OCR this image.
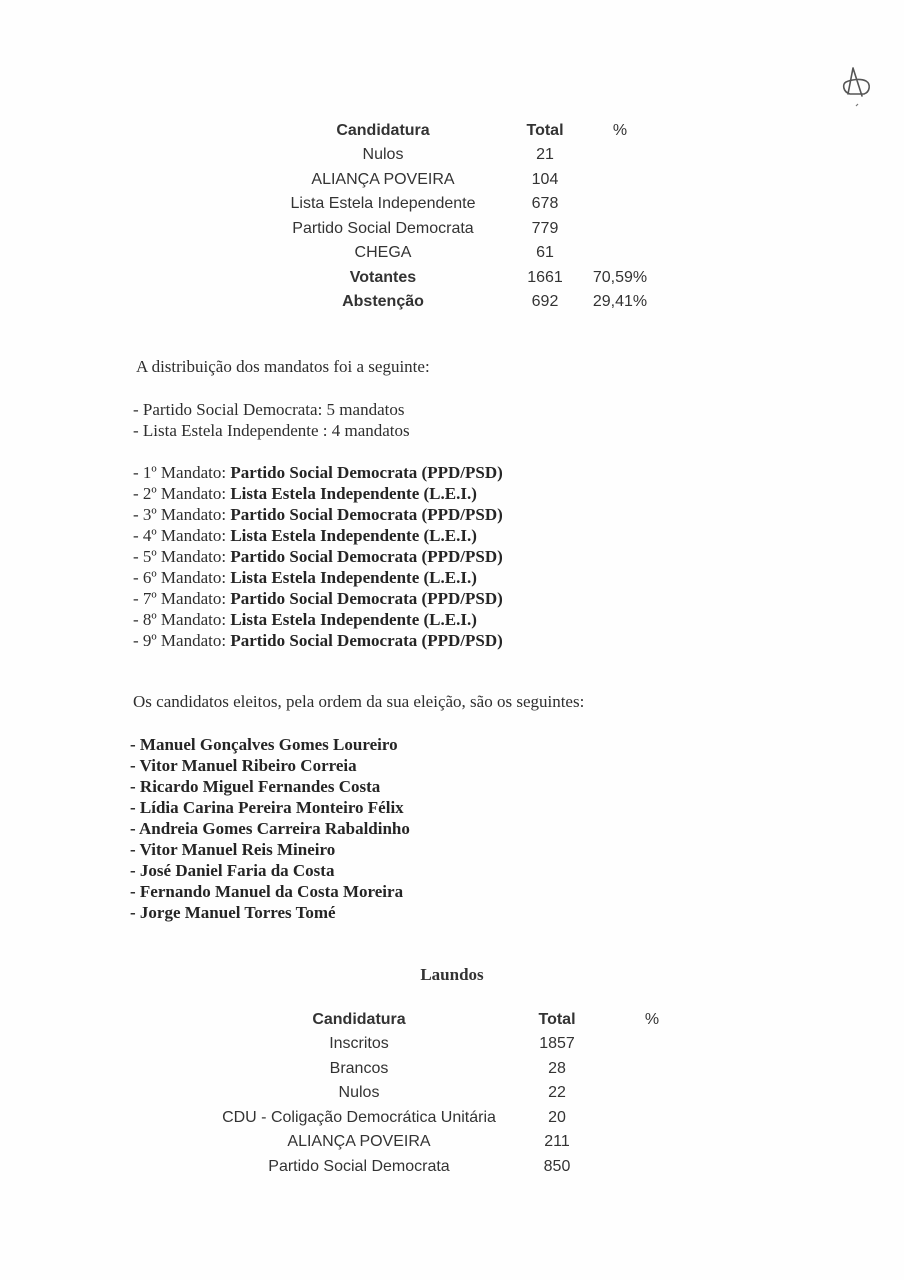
Candidatura	Total	%
Nulos	21
ALIANÇA POVEIRA	104
Lista Estela Independente	678
Partido Social Democrata	779
CHEGA	61
Votantes	1661	70,59%
Abstenção	692	29,41%
A distribuição dos mandatos foi a seguinte:
- Partido Social Democrata: 5 mandatos
- Lista Estela Independente : 4 mandatos
- 1º Mandato: Partido Social Democrata (PPD/PSD)
- 2º Mandato: Lista Estela Independente (L.E.I.)
- 3º Mandato: Partido Social Democrata (PPD/PSD)
- 4º Mandato: Lista Estela Independente (L.E.I.)
- 5º Mandato: Partido Social Democrata (PPD/PSD)
- 6º Mandato: Lista Estela Independente (L.E.I.)
- 7º Mandato: Partido Social Democrata (PPD/PSD)
- 8º Mandato: Lista Estela Independente (L.E.I.)
- 9º Mandato: Partido Social Democrata (PPD/PSD)
Os candidatos eleitos, pela ordem da sua eleição, são os seguintes:
- Manuel Gonçalves Gomes Loureiro
- Vitor Manuel Ribeiro Correia
- Ricardo Miguel Fernandes Costa
- Lídia Carina Pereira Monteiro Félix
- Andreia Gomes Carreira Rabaldinho
- Vitor Manuel Reis Mineiro
- José Daniel Faria da Costa
- Fernando Manuel da Costa Moreira
- Jorge Manuel Torres Tomé
Laundos
Candidatura	Total	%
Inscritos	1857
Brancos	28
Nulos	22
CDU - Coligação Democrática Unitária	20
ALIANÇA POVEIRA	211
Partido Social Democrata	850
